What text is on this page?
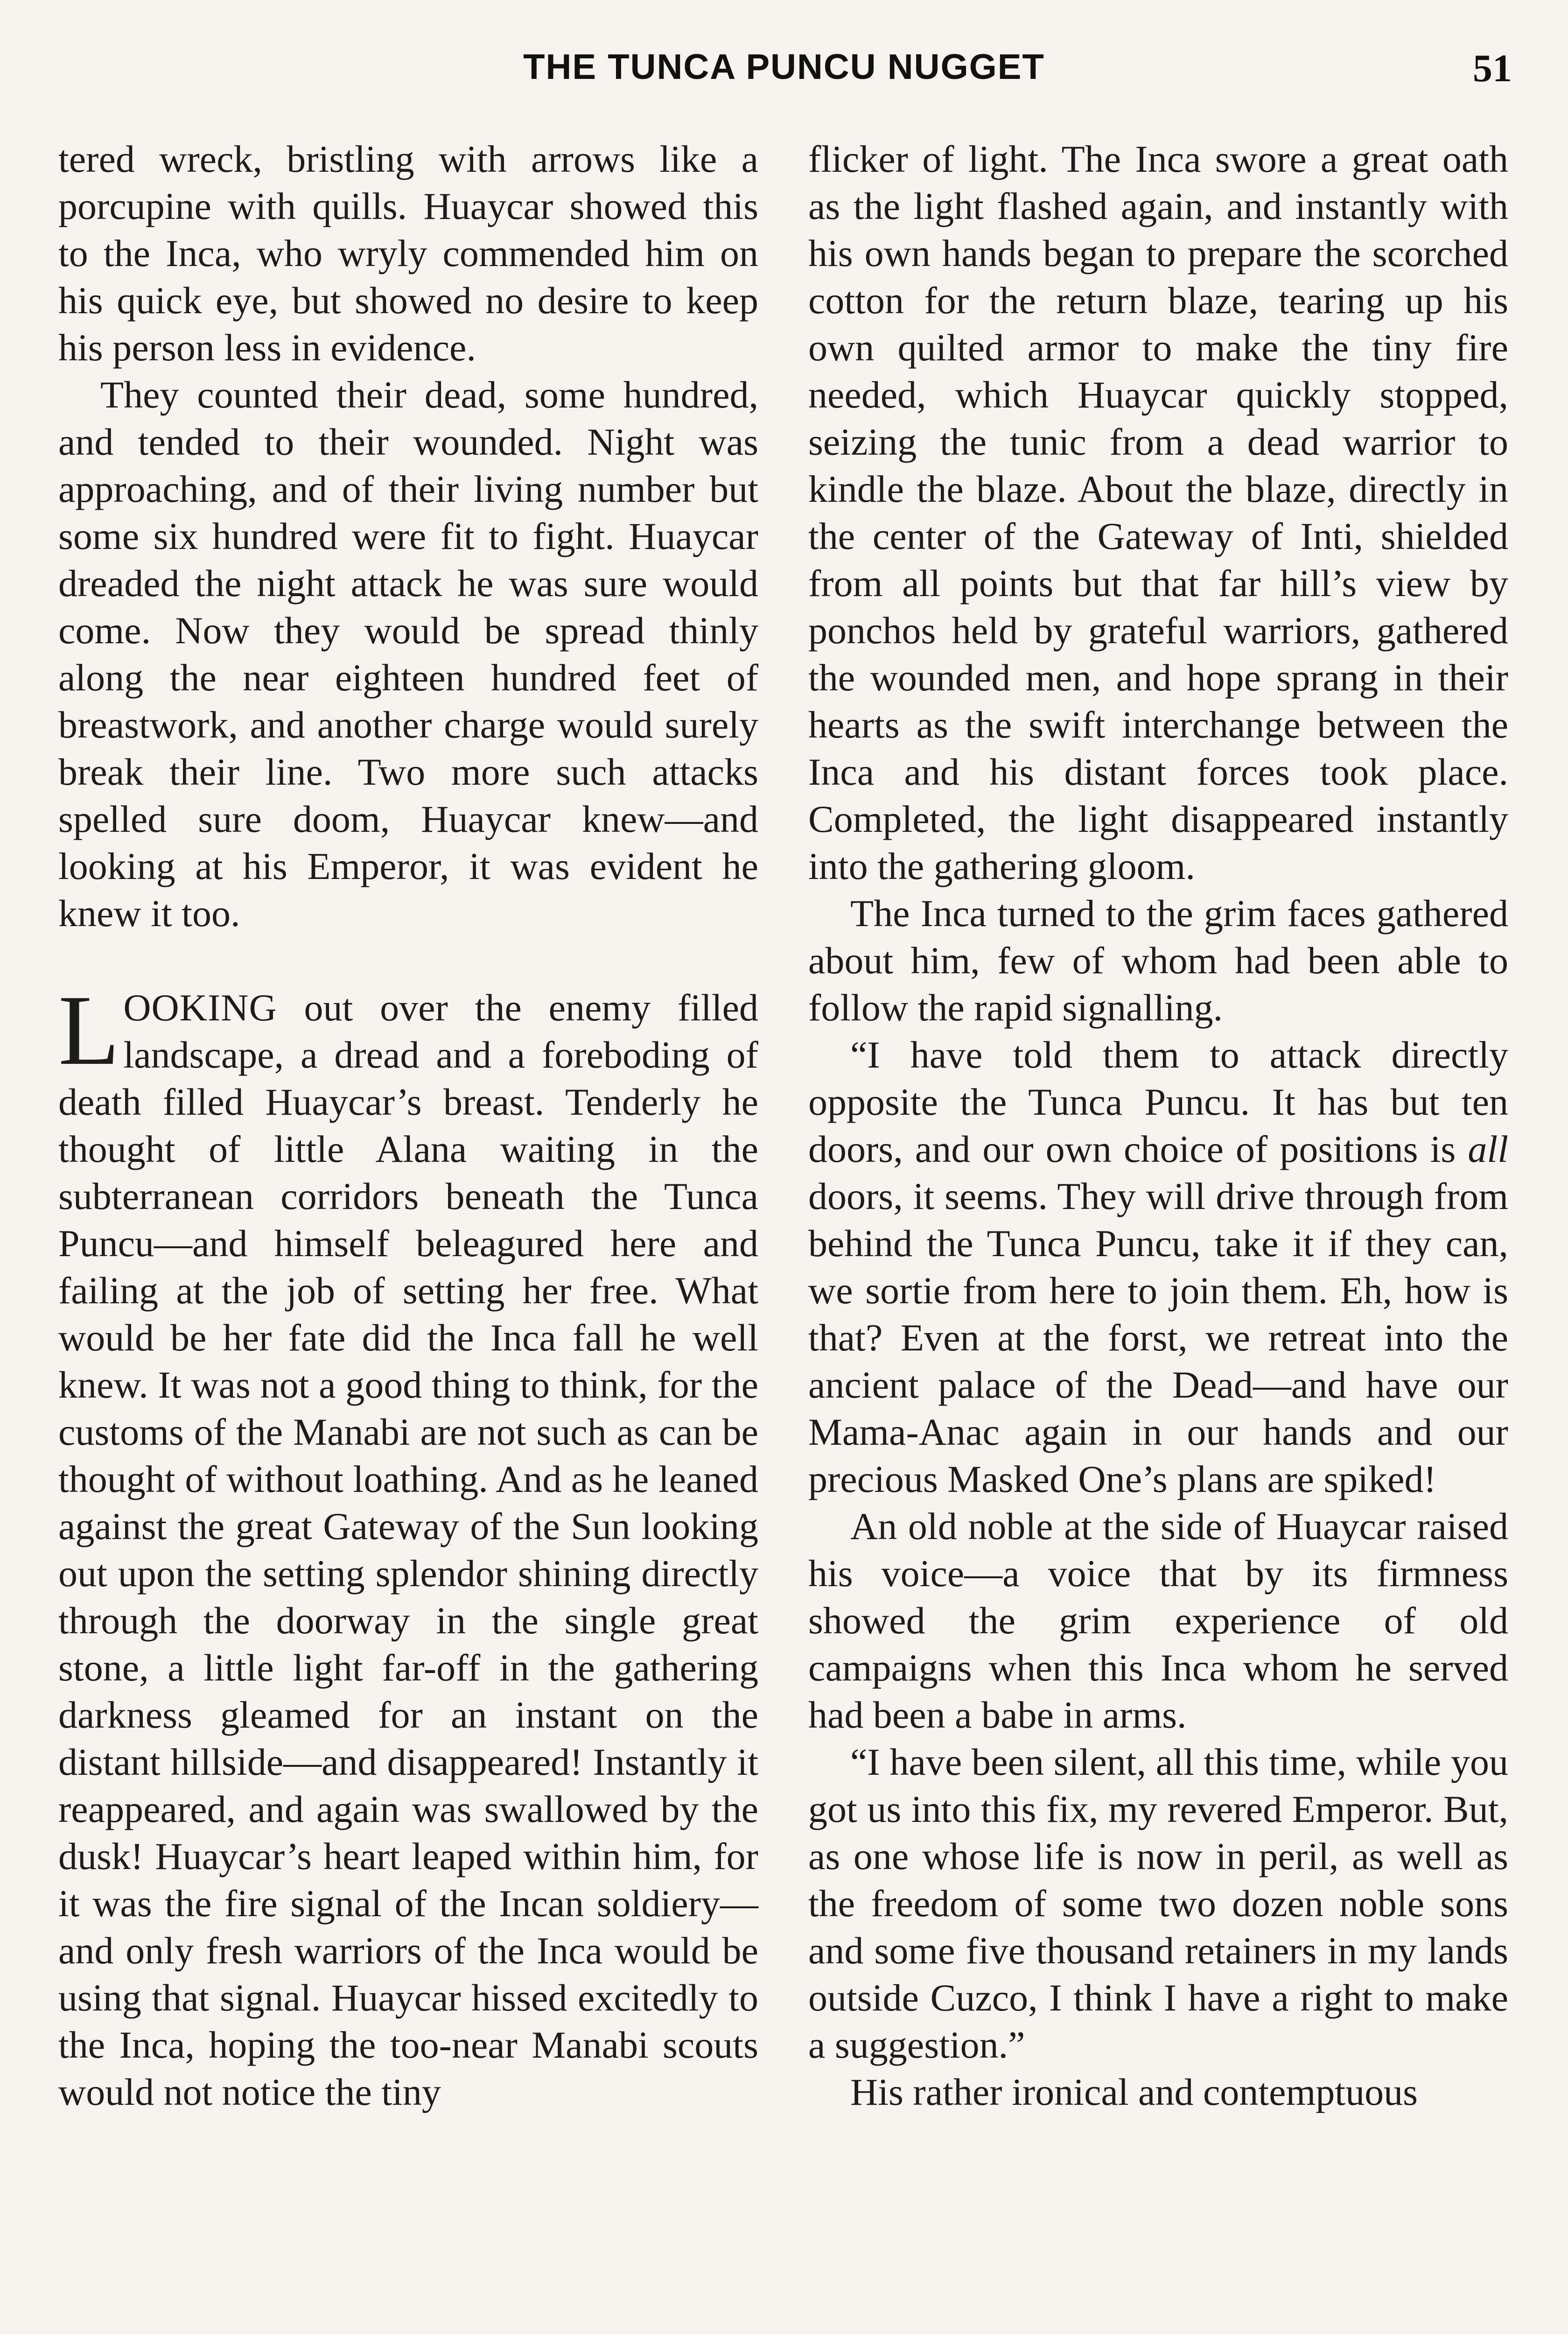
THE TUNCA PUNCU NUGGET	51

tered wreck, bristling with arrows like a porcupine with quills. Huaycar showed this to the Inca, who wryly commended him on his quick eye, but showed no desire to keep his person less in evidence.

They counted their dead, some hundred, and tended to their wounded. Night was approaching, and of their living number but some six hundred were fit to fight. Huaycar dreaded the night attack he was sure would come. Now they would be spread thinly along the near eighteen hundred feet of breastwork, and another charge would surely break their line. Two more such attacks spelled sure doom, Huaycar knew—and looking at his Emperor, it was evident he knew it too.

LOOKING out over the enemy filled landscape, a dread and a foreboding of death filled Huaycar’s breast. Tenderly he thought of little Alana waiting in the subterranean corridors beneath the Tunca Puncu—and himself beleagured here and failing at the job of setting her free. What would be her fate did the Inca fall he well knew. It was not a good thing to think, for the customs of the Manabi are not such as can be thought of without loathing. And as he leaned against the great Gateway of the Sun looking out upon the setting splendor shining directly through the doorway in the single great stone, a little light far-off in the gathering darkness gleamed for an instant on the distant hillside—and disappeared! Instantly it reappeared, and again was swallowed by the dusk! Huaycar’s heart leaped within him, for it was the fire signal of the Incan soldiery—and only fresh warriors of the Inca would be using that signal. Huaycar hissed excitedly to the Inca, hoping the too-near Manabi scouts would not notice the tiny

flicker of light. The Inca swore a great oath as the light flashed again, and instantly with his own hands began to prepare the scorched cotton for the return blaze, tearing up his own quilted armor to make the tiny fire needed, which Huaycar quickly stopped, seizing the tunic from a dead warrior to kindle the blaze. About the blaze, directly in the center of the Gateway of Inti, shielded from all points but that far hill’s view by ponchos held by grateful warriors, gathered the wounded men, and hope sprang in their hearts as the swift interchange between the Inca and his distant forces took place. Completed, the light disappeared instantly into the gathering gloom.

The Inca turned to the grim faces gathered about him, few of whom had been able to follow the rapid signalling.

“I have told them to attack directly opposite the Tunca Puncu. It has but ten doors, and our own choice of positions is all doors, it seems. They will drive through from behind the Tunca Puncu, take it if they can, we sortie from here to join them. Eh, how is that? Even at the forst, we retreat into the ancient palace of the Dead—and have our Mama-Anac again in our hands and our precious Masked One’s plans are spiked!

An old noble at the side of Huaycar raised his voice—a voice that by its firmness showed the grim experience of old campaigns when this Inca whom he served had been a babe in arms.

“I have been silent, all this time, while you got us into this fix, my revered Emperor. But, as one whose life is now in peril, as well as the freedom of some two dozen noble sons and some five thousand retainers in my lands outside Cuzco, I think I have a right to make a suggestion.”

His rather ironical and contemptuous
